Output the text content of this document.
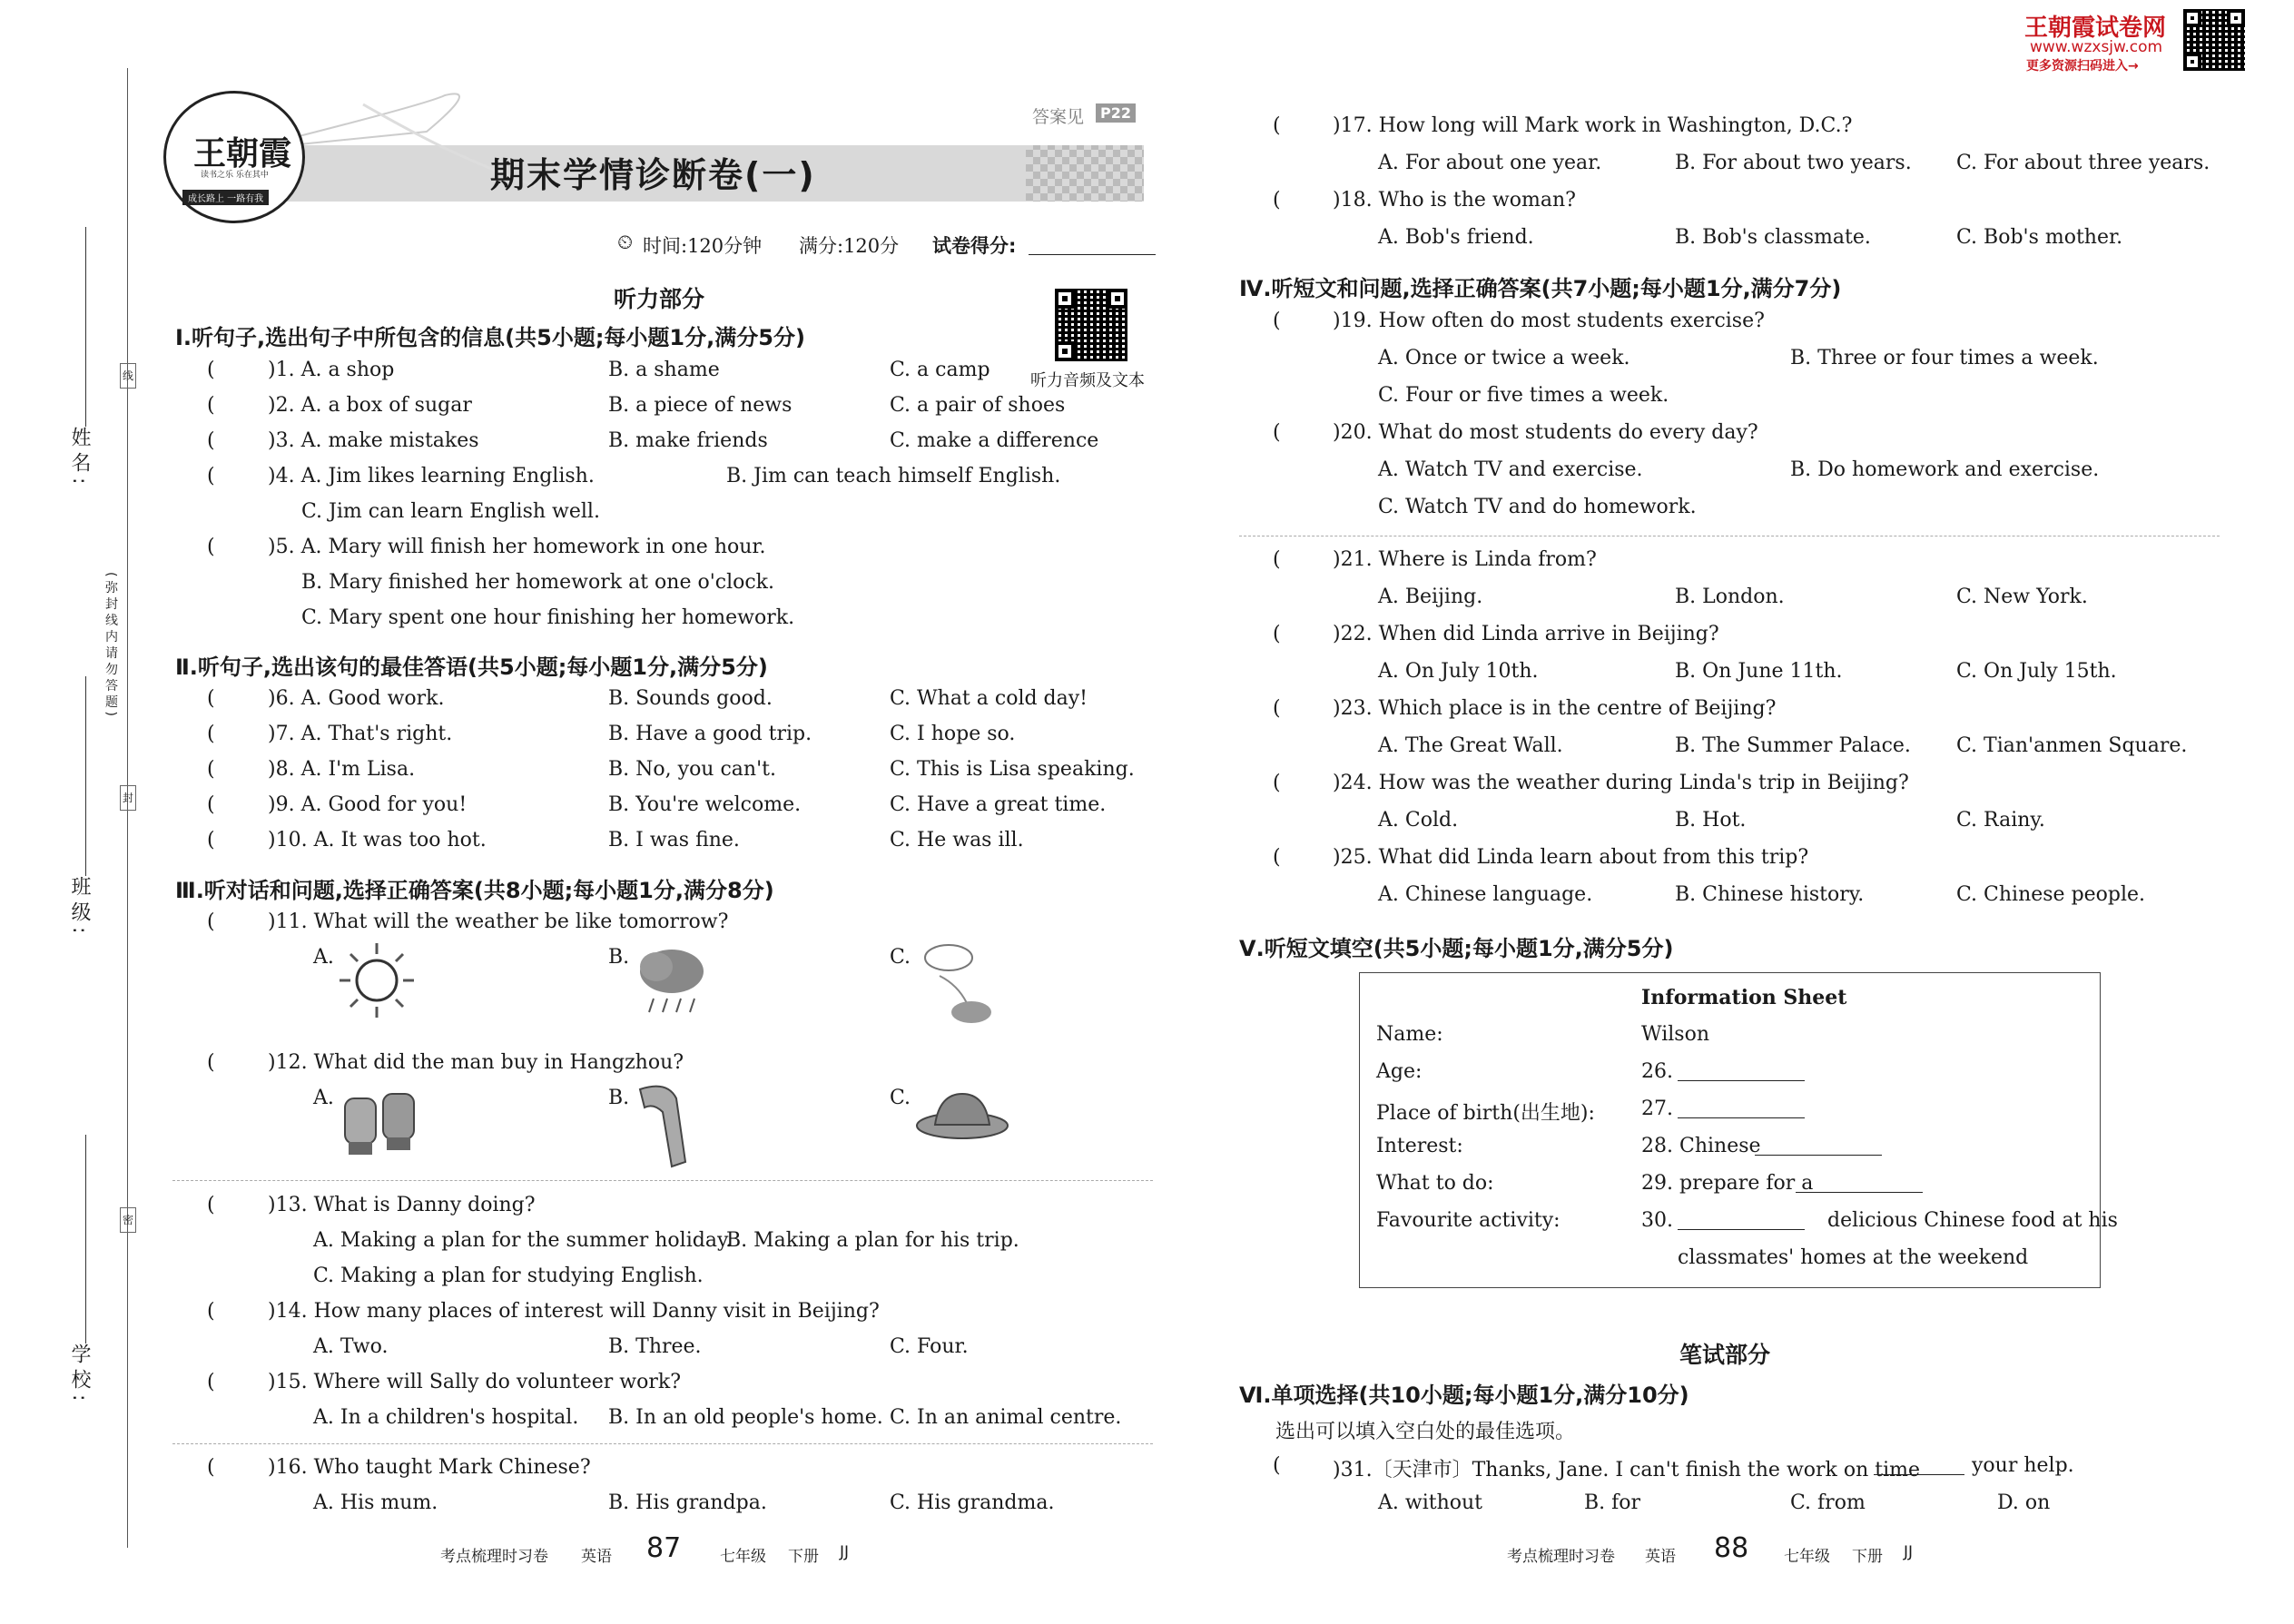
姓名:
班级:
学校:
(弥封线内请勿答题)
线
封
密
王朝霞试卷网
www.wzxsjw.com
更多资源扫码进入→
王朝霞
读书之乐 乐在其中
成长路上 一路有我
答案见	P22
期末学情诊断卷(一)
⏲ 时间:120分钟 满分:120分 试卷得分:
听力部分
听力音频及文本
Ⅰ.听句子,选出句子中所包含的信息(共5小题;每小题1分,满分5分)
(	)1. A. a shop	B. a shame	C. a camp
(	)2. A. a box of sugar	B. a piece of news	C. a pair of shoes
(	)3. A. make mistakes	B. make friends	C. make a difference
(	)4. A. Jim likes learning English.	B. Jim can teach himself English.
C. Jim can learn English well.
(	)5. A. Mary will finish her homework in one hour.
B. Mary finished her homework at one o'clock.
C. Mary spent one hour finishing her homework.
Ⅱ.听句子,选出该句的最佳答语(共5小题;每小题1分,满分5分)
(	)6. A. Good work.	B. Sounds good.	C. What a cold day!
(	)7. A. That's right.	B. Have a good trip.	C. I hope so.
(	)8. A. I'm Lisa.	B. No, you can't.	C. This is Lisa speaking.
(	)9. A. Good for you!	B. You're welcome.	C. Have a great time.
(	)10. A. It was too hot.	B. I was fine.	C. He was ill.
Ⅲ.听对话和问题,选择正确答案(共8小题;每小题1分,满分8分)
(	)11. What will the weather be like tomorrow?
A.	B.	C.
(	)12. What did the man buy in Hangzhou?
A.	B.	C.
(	)13. What is Danny doing?
A. Making a plan for the summer holiday.
B. Making a plan for his trip.
C. Making a plan for studying English.
(	)14. How many places of interest will Danny visit in Beijing?
A. Two.	B. Three.	C. Four.
(	)15. Where will Sally do volunteer work?
A. In a children's hospital. B. In an old people's home. C. In an animal centre.
(	)16. Who taught Mark Chinese?
A. His mum.	B. His grandpa.	C. His grandma.
考点梳理时习卷 英语 87	七年级 下册 JJ
(	)17. How long will Mark work in Washington, D.C.?
A. For about one year.	B. For about two years. C. For about three years.
(	)18. Who is the woman?
A. Bob's friend.	B. Bob's classmate.	C. Bob's mother.
Ⅳ.听短文和问题,选择正确答案(共7小题;每小题1分,满分7分)
(	)19. How often do most students exercise?
A. Once or twice a week.	B. Three or four times a week.
C. Four or five times a week.
(	)20. What do most students do every day?
A. Watch TV and exercise.	B. Do homework and exercise.
C. Watch TV and do homework.
(	)21. Where is Linda from?
A. Beijing.	B. London.	C. New York.
(	)22. When did Linda arrive in Beijing?
A. On July 10th.	B. On June 11th.	C. On July 15th.
(	)23. Which place is in the centre of Beijing?
A. The Great Wall.	B. The Summer Palace. C. Tian'anmen Square.
(	)24. How was the weather during Linda's trip in Beijing?
A. Cold.	B. Hot.	C. Rainy.
(	)25. What did Linda learn about from this trip?
A. Chinese language.	B. Chinese history.	C. Chinese people.
Ⅴ.听短文填空(共5小题;每小题1分,满分5分)
Information Sheet
Name:	Wilson
Age:	26.
Place of birth(出生地): 27.
Interest:	28. Chinese
What to do:	29. prepare for a
Favourite activity:	30.	delicious Chinese food at his
classmates' homes at the weekend
笔试部分
Ⅵ.单项选择(共10小题;每小题1分,满分10分)
选出可以填入空白处的最佳选项。
(	)31.〔天津市〕Thanks, Jane. I can't finish the work on time	your help.
A. without	B. for	C. from	D. on
考点梳理时习卷 英语 88 七年级 下册 JJ
